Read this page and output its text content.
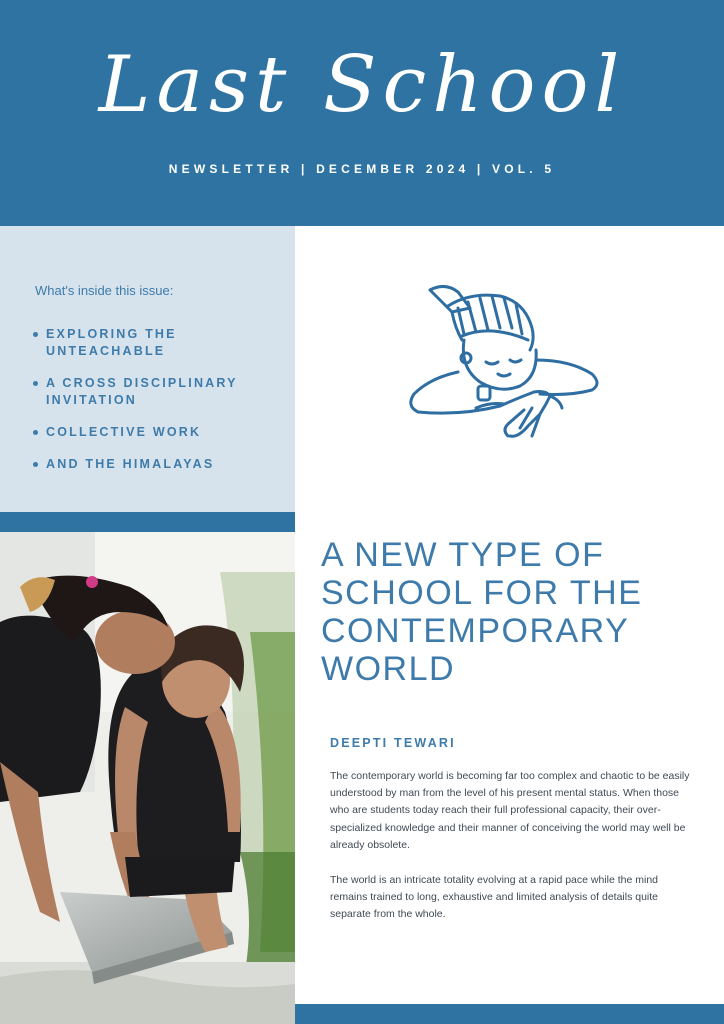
Last School
NEWSLETTER | DECEMBER 2024 | VOL. 5
What's inside this issue:
EXPLORING THE UNTEACHABLE
A CROSS DISCIPLINARY INVITATION
COLLECTIVE WORK
AND THE HIMALAYAS
A NEW TYPE OF SCHOOL FOR THE CONTEMPORARY WORLD
DEEPTI TEWARI

The contemporary world is becoming far too complex and chaotic to be easily understood by man from the level of his present mental status. When those who are students today reach their full professional capacity, their over-specialized knowledge and their manner of conceiving the world may well be already obsolete.

The world is an intricate totality evolving at a rapid pace while the mind remains trained to long, exhaustive and limited analysis of details quite separate from the whole.
